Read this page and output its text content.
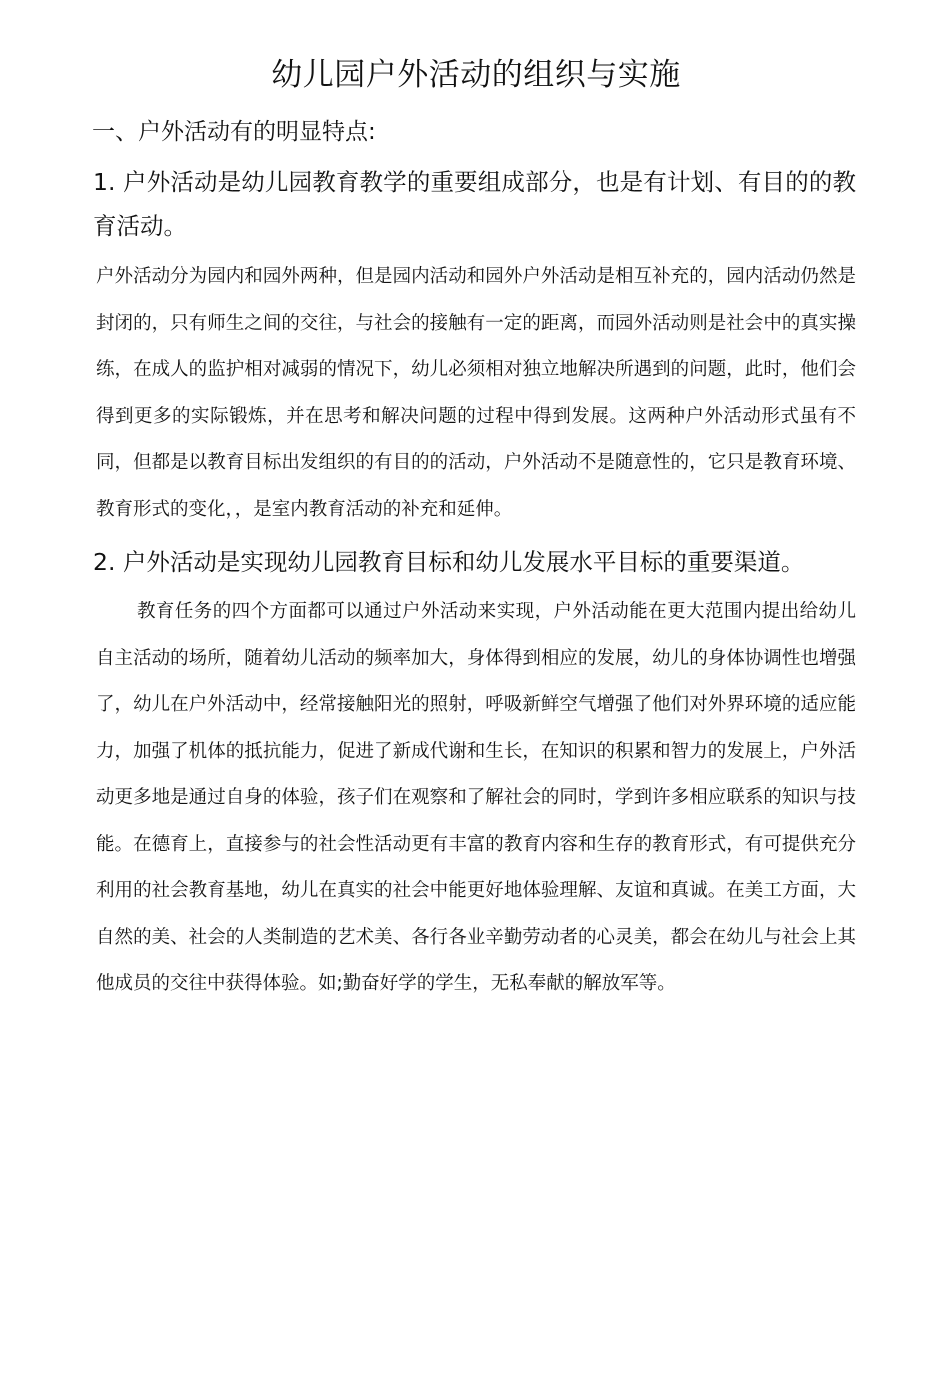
幼儿园户外活动的组织与实施
一、户外活动有的明显特点:
1. 户外活动是幼儿园教育教学的重要组成部分，也是有计划、有目的的教育活动。

户外活动分为园内和园外两种，但是园内活动和园外户外活动是相互补充的，园内活动仍然是封闭的，只有师生之间的交往，与社会的接触有一定的距离，而园外活动则是社会中的真实操练，在成人的监护相对减弱的情况下，幼儿必须相对独立地解决所遇到的问题，此时，他们会得到更多的实际锻炼，并在思考和解决问题的过程中得到发展。这两种户外活动形式虽有不同，但都是以教育目标出发组织的有目的的活动，户外活动不是随意性的，它只是教育环境、教育形式的变化，，是室内教育活动的补充和延伸。

2. 户外活动是实现幼儿园教育目标和幼儿发展水平目标的重要渠道。

教育任务的四个方面都可以通过户外活动来实现，户外活动能在更大范围内提出给幼儿自主活动的场所，随着幼儿活动的频率加大，身体得到相应的发展，幼儿的身体协调性也增强了，幼儿在户外活动中，经常接触阳光的照射，呼吸新鲜空气增强了他们对外界环境的适应能力，加强了机体的抵抗能力，促进了新成代谢和生长，在知识的积累和智力的发展上，户外活动更多地是通过自身的体验，孩子们在观察和了解社会的同时，学到许多相应联系的知识与技能。在德育上，直接参与的社会性活动更有丰富的教育内容和生存的教育形式，有可提供充分利用的社会教育基地，幼儿在真实的社会中能更好地体验理解、友谊和真诚。在美工方面，大自然的美、社会的人类制造的艺术美、各行各业辛勤劳动者的心灵美，都会在幼儿与社会上其他成员的交往中获得体验。如;勤奋好学的学生，无私奉献的解放军等。
